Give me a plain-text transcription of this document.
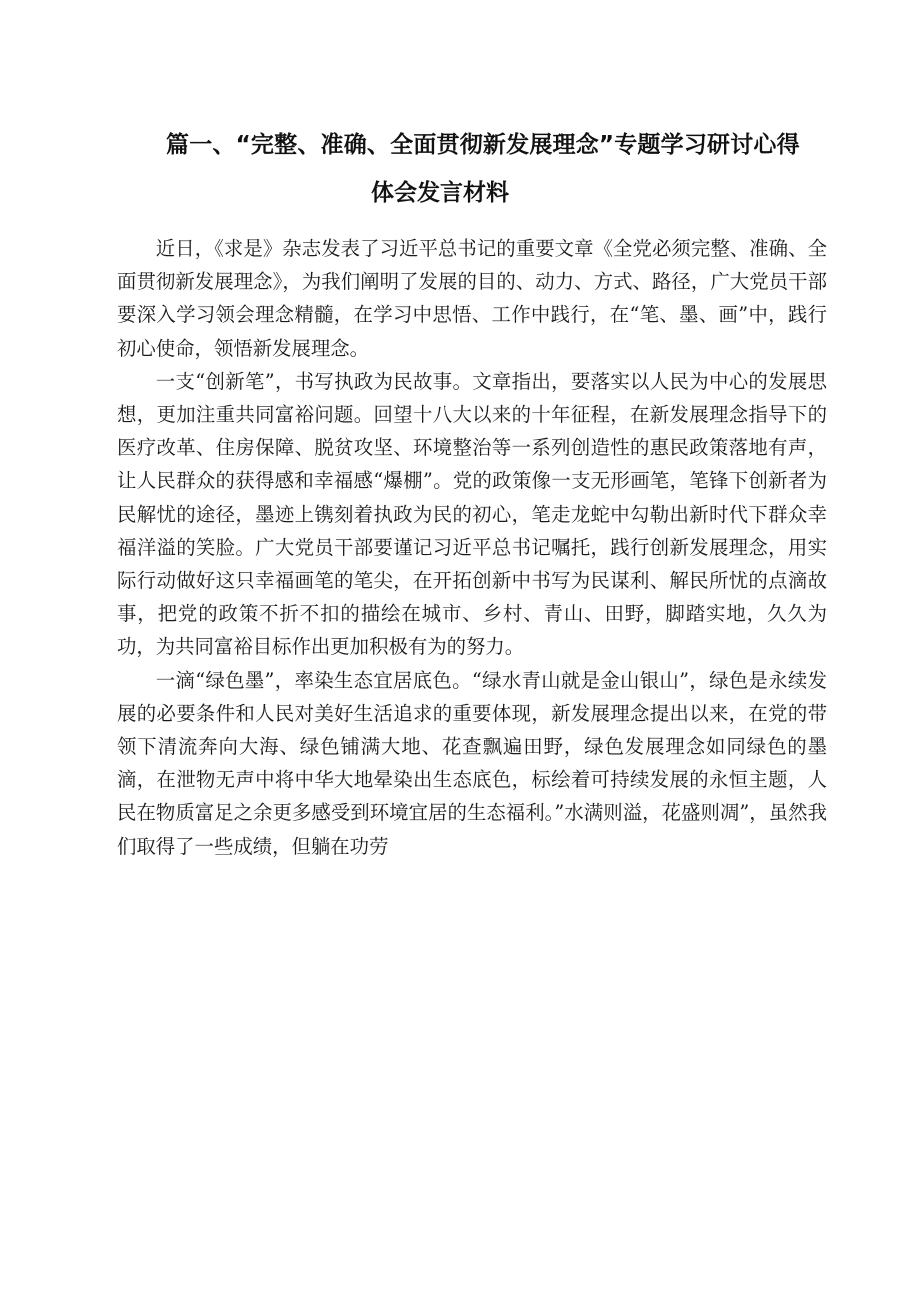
篇一、“完整、准确、全面贯彻新发展理念”专题学习研讨心得
体会发言材料

近日，《求是》杂志发表了习近平总书记的重要文章《全党必须完整、准确、全面贯彻新发展理念》，为我们阐明了发展的目的、动力、方式、路径，广大党员干部要深入学习领会理念精髓，在学习中思悟、工作中践行，在“笔、墨、画”中，践行初心使命，领悟新发展理念。

一支“创新笔”，书写执政为民故事。文章指出，要落实以人民为中心的发展思想，更加注重共同富裕问题。回望十八大以来的十年征程，在新发展理念指导下的医疗改革、住房保障、脱贫攻坚、环境整治等一系列创造性的惠民政策落地有声，让人民群众的获得感和幸福感“爆棚”。党的政策像一支无形画笔，笔锋下创新者为民解忧的途径，墨迹上镌刻着执政为民的初心，笔走龙蛇中勾勒出新时代下群众幸福洋溢的笑脸。广大党员干部要谨记习近平总书记嘱托，践行创新发展理念，用实际行动做好这只幸福画笔的笔尖，在开拓创新中书写为民谋利、解民所忧的点滴故事，把党的政策不折不扣的描绘在城市、乡村、青山、田野，脚踏实地，久久为功，为共同富裕目标作出更加积极有为的努力。

一滴“绿色墨”，率染生态宜居底色。“绿水青山就是金山银山”，绿色是永续发展的必要条件和人民对美好生活追求的重要体现，新发展理念提出以来，在党的带领下清流奔向大海、绿色铺满大地、花查飘遍田野，绿色发展理念如同绿色的墨滴，在泄物无声中将中华大地晕染出生态底色，标绘着可持续发展的永恒主题，人民在物质富足之余更多感受到环境宜居的生态福利。”水满则溢，花盛则凋”，虽然我们取得了一些成绩，但躺在功劳
